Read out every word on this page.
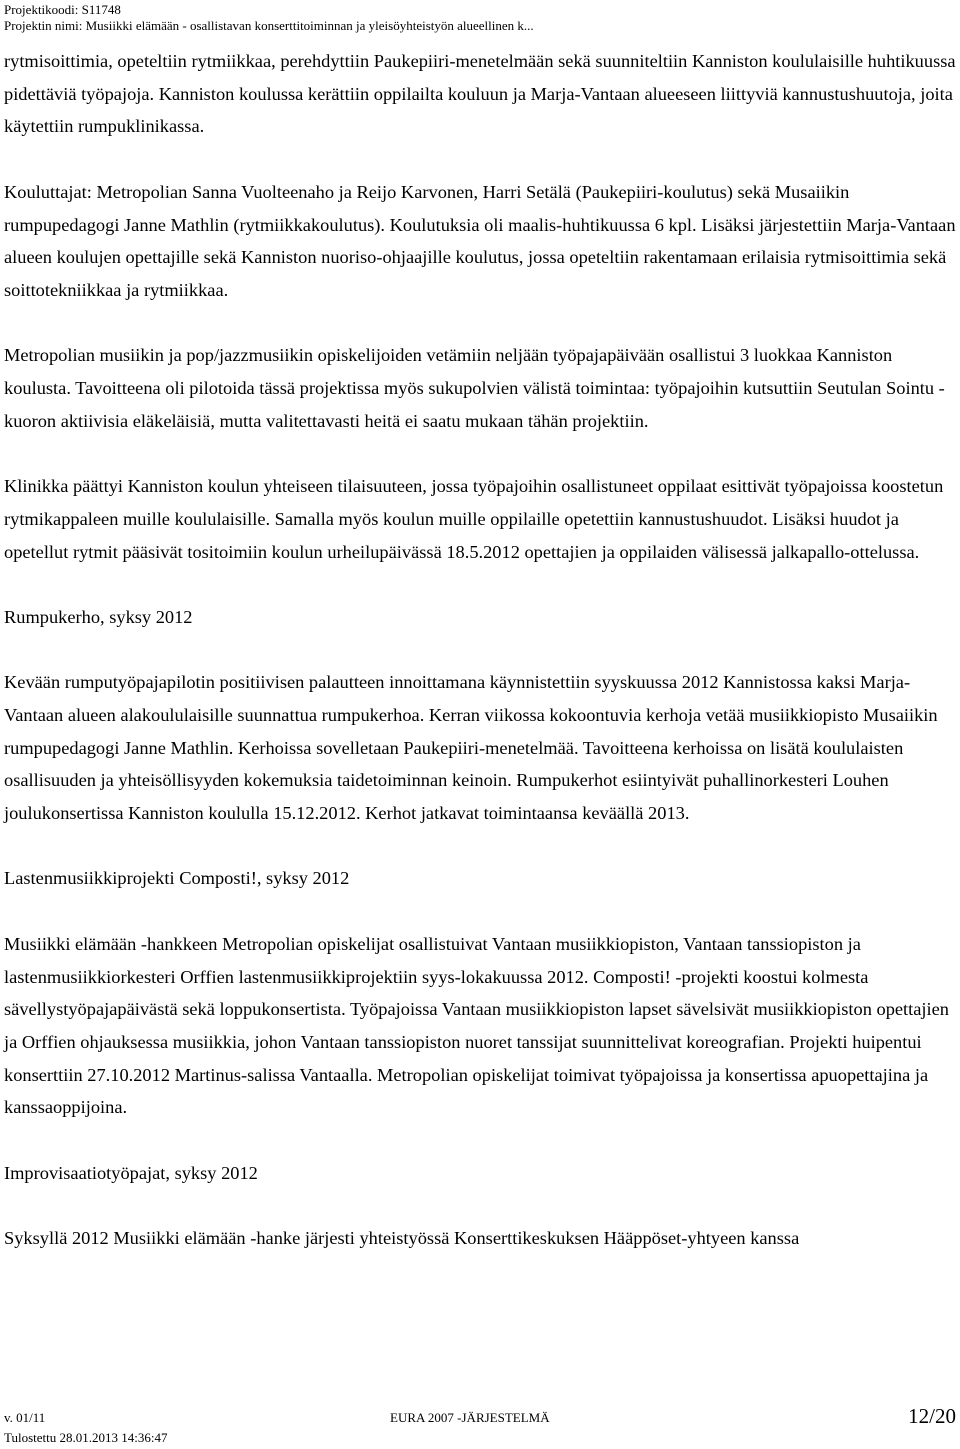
Projektikoodi: S11748
Projektin nimi: Musiikki elämään - osallistavan konserttitoiminnan ja yleisöyhteistyön alueellinen k...

rytmisoittimia, opeteltiin rytmiikkaa, perehdyttiin Paukepiiri-menetelmään sekä suunniteltiin Kanniston koululaisille huhtikuussa pidettäviä työpajoja. Kanniston koulussa kerättiin oppilailta kouluun ja Marja-Vantaan alueeseen liittyviä kannustushuutoja, joita käytettiin rumpuklinikassa.

Kouluttajat: Metropolian Sanna Vuolteenaho ja Reijo Karvonen, Harri Setälä (Paukepiiri-koulutus) sekä Musaiikin rumpupedagogi Janne Mathlin (rytmiikkakoulutus). Koulutuksia oli maalis-huhtikuussa 6 kpl. Lisäksi järjestettiin Marja-Vantaan alueen koulujen opettajille sekä Kanniston nuoriso-ohjaajille koulutus, jossa opeteltiin rakentamaan erilaisia rytmisoittimia sekä soittotekniikkaa ja rytmiikkaa.

Metropolian musiikin ja pop/jazzmusiikin opiskelijoiden vetämiin neljään työpajapäivään osallistui 3 luokkaa Kanniston koulusta. Tavoitteena oli pilotoida tässä projektissa myös sukupolvien välistä toimintaa: työpajoihin kutsuttiin Seutulan Sointu -kuoron aktiivisia eläkeläisiä, mutta valitettavasti heitä ei saatu mukaan tähän projektiin.

Klinikka päättyi Kanniston koulun yhteiseen tilaisuuteen, jossa työpajoihin osallistuneet oppilaat esittivät työpajoissa koostetun rytmikappaleen muille koululaisille. Samalla myös koulun muille oppilaille opetettiin kannustushuudot. Lisäksi huudot ja opetellut rytmit pääsivät tositoimiin koulun urheilupäivässä 18.5.2012 opettajien ja oppilaiden välisessä jalkapallo-ottelussa.

Rumpukerho, syksy 2012

Kevään rumputyöpajapilotin positiivisen palautteen innoittamana käynnistettiin syyskuussa 2012 Kannistossa kaksi Marja-Vantaan alueen alakoululaisille suunnattua rumpukerhoa. Kerran viikossa kokoontuvia kerhoja vetää musiikkiopisto Musaiikin rumpupedagogi Janne Mathlin. Kerhoissa sovelletaan Paukepiiri-menetelmää. Tavoitteena kerhoissa on lisätä koululaisten osallisuuden ja yhteisöllisyyden kokemuksia taidetoiminnan keinoin. Rumpukerhot esiintyivät puhallinorkesteri Louhen joulukonsertissa Kanniston koululla 15.12.2012. Kerhot jatkavat toimintaansa keväällä 2013.

Lastenmusiikkiprojekti Composti!, syksy 2012

Musiikki elämään -hankkeen Metropolian opiskelijat osallistuivat Vantaan musiikkiopiston, Vantaan tanssiopiston ja lastenmusiikkiorkesteri Orffien lastenmusiikkiprojektiin syys-lokakuussa 2012. Composti! -projekti koostui kolmesta sävellystyöpajapäivästä sekä loppukonsertista. Työpajoissa Vantaan musiikkiopiston lapset sävelsivät musiikkiopiston opettajien ja Orffien ohjauksessa musiikkia, johon Vantaan tanssiopiston nuoret tanssijat suunnittelivat koreografian. Projekti huipentui konserttiin 27.10.2012 Martinus-salissa Vantaalla. Metropolian opiskelijat toimivat työpajoissa ja konsertissa apuopettajina ja kanssaoppijoina.

Improvisaatiotyöpajat, syksy 2012

Syksyllä 2012 Musiikki elämään -hanke järjesti yhteistyössä Konserttikeskuksen Hääppöset-yhtyeen kanssa

v. 01/11	EURA 2007 -JÄRJESTELMÄ	12/20
Tulostettu 28.01.2013 14:36:47
